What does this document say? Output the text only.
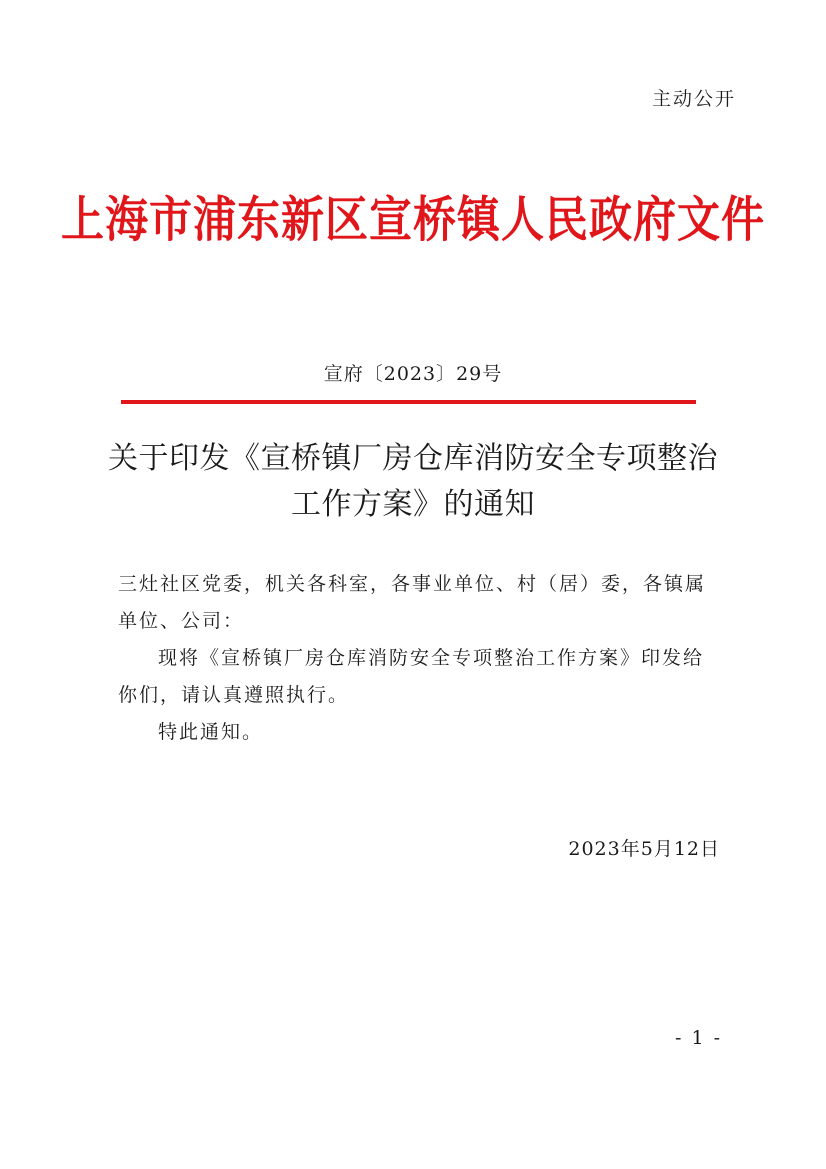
主动公开
上海市浦东新区宣桥镇人民政府文件
宣府〔2023〕29号
关于印发《宣桥镇厂房仓库消防安全专项整治工作方案》的通知
三灶社区党委，机关各科室，各事业单位、村（居）委，各镇属单位、公司：
现将《宣桥镇厂房仓库消防安全专项整治工作方案》印发给你们，请认真遵照执行。
特此通知。
2023年5月12日
- 1 -
